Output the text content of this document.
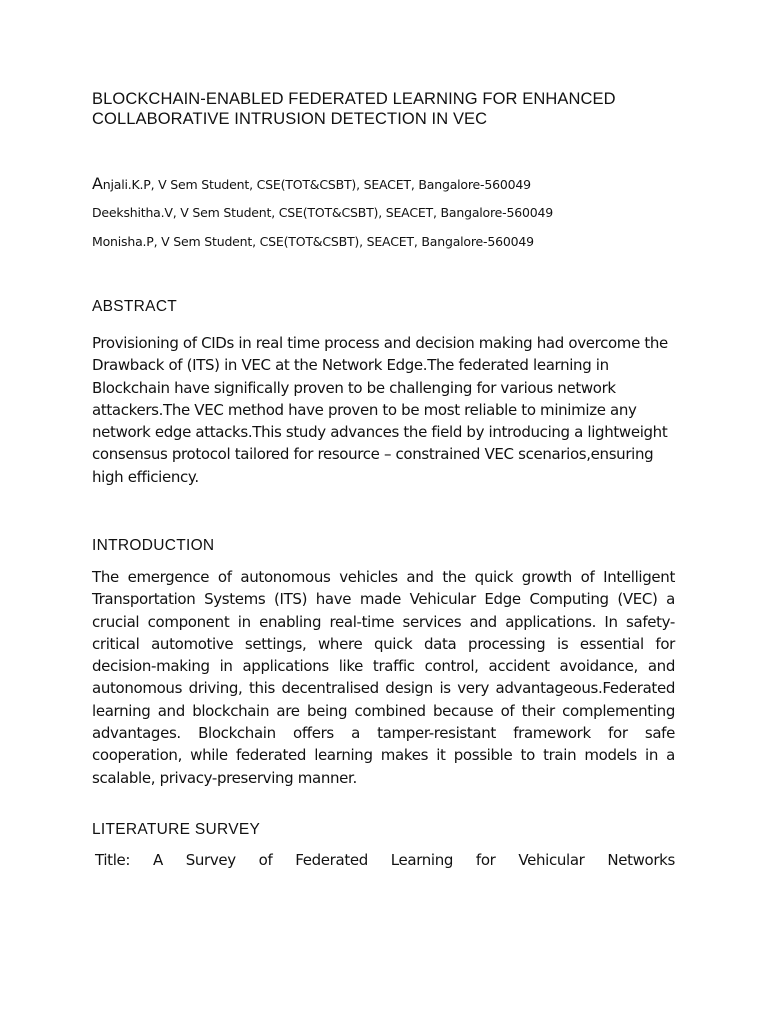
BLOCKCHAIN-ENABLED FEDERATED LEARNING FOR ENHANCED
COLLABORATIVE INTRUSION DETECTION IN VEC
Anjali.K.P, V Sem Student, CSE(TOT&CSBT), SEACET, Bangalore-560049
Deekshitha.V, V Sem Student, CSE(TOT&CSBT), SEACET, Bangalore-560049
Monisha.P, V Sem Student, CSE(TOT&CSBT), SEACET, Bangalore-560049
ABSTRACT
Provisioning of CIDs in real time process and decision making had overcome the
Drawback of (ITS) in VEC at the Network Edge.The federated learning in
Blockchain have significally proven to be challenging for various network
attackers.The VEC method have proven to be most reliable to minimize any
network edge attacks.This study advances the field by introducing a lightweight
consensus protocol tailored for resource – constrained VEC scenarios,ensuring
high efficiency.
INTRODUCTION
The emergence of autonomous vehicles and the quick growth of Intelligent
Transportation Systems (ITS) have made Vehicular Edge Computing (VEC) a
crucial component in enabling real-time services and applications. In safety-
critical automotive settings, where quick data processing is essential for
decision-making in applications like traffic control, accident avoidance, and
autonomous driving, this decentralised design is very advantageous.Federated
learning and blockchain are being combined because of their complementing
advantages. Blockchain offers a tamper-resistant framework for safe
cooperation, while federated learning makes it possible to train models in a
scalable, privacy-preserving manner.
LITERATURE SURVEY

Title: A Survey of Federated Learning for Vehicular Networks
